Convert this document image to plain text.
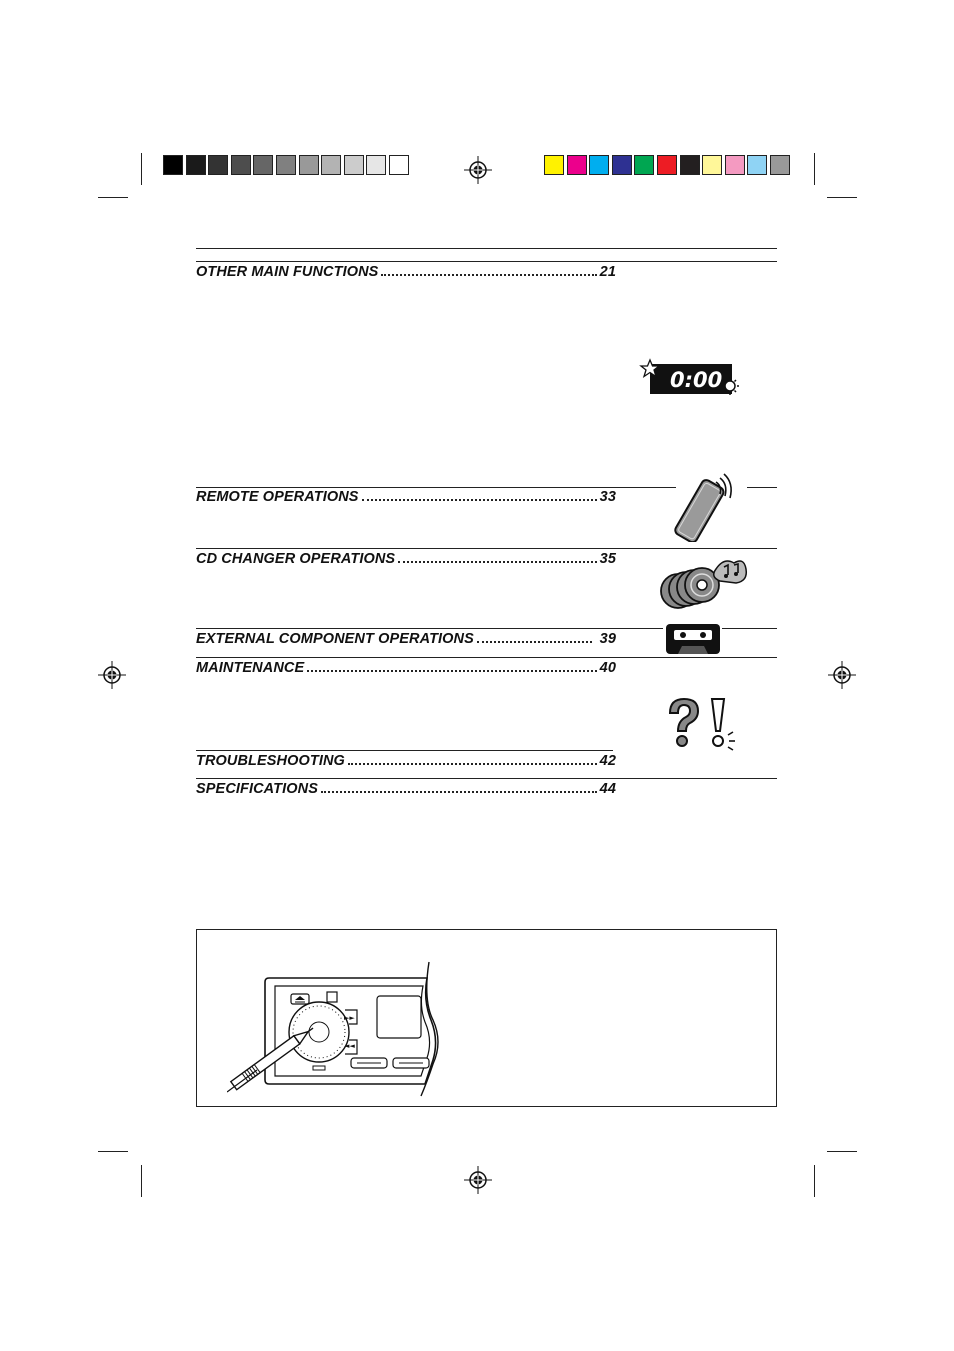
OTHER MAIN FUNCTIONS	21
REMOTE OPERATIONS	33
CD CHANGER OPERATIONS	35
EXTERNAL COMPONENT OPERATIONS	39
MAINTENANCE	40
TROUBLESHOOTING	42
SPECIFICATIONS	44
0:00
►►
◄◄
